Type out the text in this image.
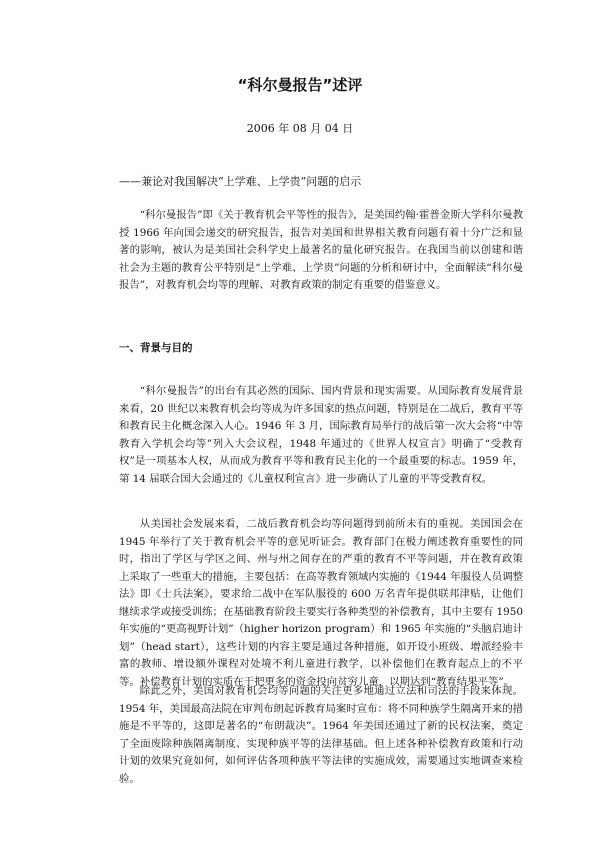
“科尔曼报告”述评

2006 年 08 月 04 日

——兼论对我国解决“上学难、上学贵”问题的启示

“科尔曼报告”即《关于教育机会平等性的报告》，是美国约翰·霍普金斯大学科尔曼教授 1966 年向国会递交的研究报告，报告对美国和世界相关教育问题有着十分广泛和显著的影响，被认为是美国社会科学史上最著名的量化研究报告。在我国当前以创建和谐社会为主题的教育公平特别是“上学难、上学贵”问题的分析和研讨中，全面解读“科尔曼报告”，对教育机会均等的理解、对教育政策的制定有重要的借鉴意义。

一、背景与目的

“科尔曼报告”的出台有其必然的国际、国内背景和现实需要。从国际教育发展背景来看，20 世纪以来教育机会均等成为许多国家的热点问题，特别是在二战后，教育平等和教育民主化概念深入人心。1946 年 3 月，国际教育局举行的战后第一次大会将“中等教育入学机会均等”列入大会议程，1948 年通过的《世界人权宣言》明确了“受教育权”是一项基本人权，从而成为教育平等和教育民主化的一个最重要的标志。1959 年，第 14 届联合国大会通过的《儿童权利宣言》进一步确认了儿童的平等受教育权。

从美国社会发展来看，二战后教育机会均等问题得到前所未有的重视。美国国会在 1945 年举行了关于教育机会平等的意见听证会。教育部门在极力阐述教育重要性的同时，指出了学区与学区之间、州与州之间存在的严重的教育不平等问题，并在教育政策上采取了一些重大的措施，主要包括：在高等教育领域内实施的《1944 年服役人员调整法》即《士兵法案》，要求给二战中在军队服役的 600 万名青年提供联邦津贴，让他们继续求学或接受训练；在基础教育阶段主要实行各种类型的补偿教育，其中主要有 1950 年实施的“更高视野计划”（higher horizon program）和 1965 年实施的“头脑启迪计划”（head start），这些计划的内容主要是通过各种措施，如开设小班级、增派经验丰富的教师、增设额外课程对处境不利儿童进行教学，以补偿他们在教育起点上的不平等。补偿教育计划的实质在于把更多的资金投向贫穷儿童，以期达到“教育结果平等”。

除此之外，美国对教育机会均等问题的关注更多地通过立法和司法的手段来体现。1954 年，美国最高法院在审判布朗起诉教育局案时宣布：将不同种族学生隔离开来的措施是不平等的，这即是著名的“布朗裁决”。1964 年美国还通过了新的民权法案，奠定了全面废除种族隔离制度、实现种族平等的法律基础。但上述各种补偿教育政策和行动计划的效果究竟如何，如何评估各项种族平等法律的实施成效，需要通过实地调查来检验。
